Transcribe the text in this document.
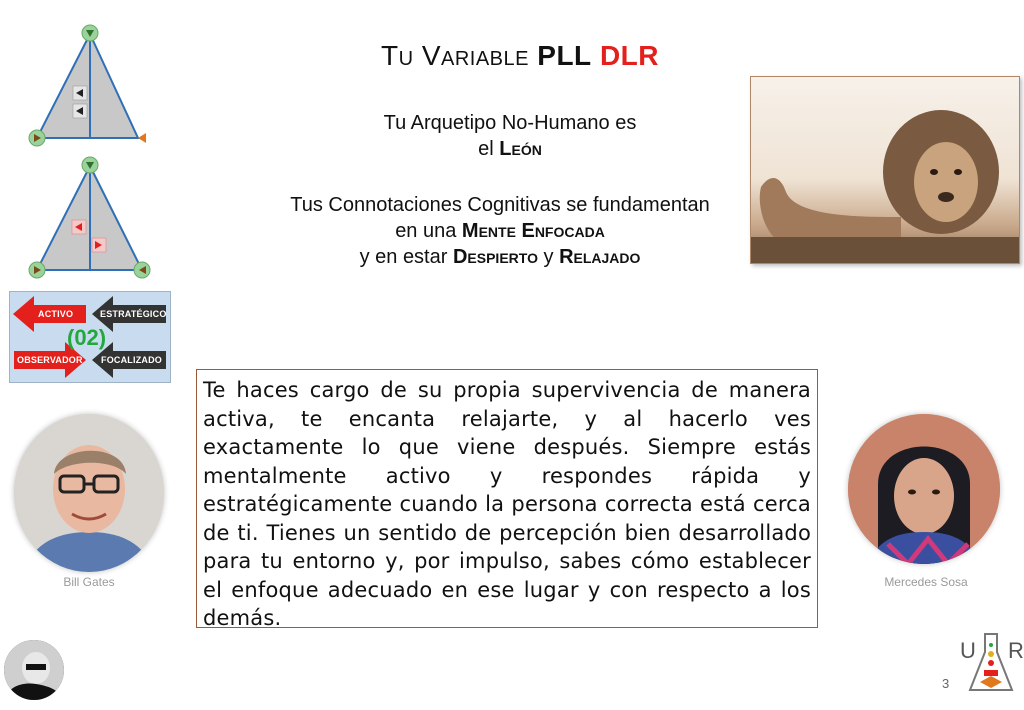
Tu Variable PLL DLR
Tu Arquetipo No-Humano es
el León
Tus Connotaciones Cognitivas se fundamentan
en una Mente Enfocada
y en estar Despierto y Relajado
ACTIVO	ESTRATÉGICO
OBSERVADOR FOCALIZADO
(02)
Te haces cargo de su propia supervivencia de manera activa, te encanta relajarte, y al hacerlo ves exactamente lo que viene después. Siempre estás mentalmente activo y respondes rápida y estratégicamente cuando la persona correcta está cerca de ti. Tienes un sentido de percepción bien desarrollado para tu entorno y, por impulso, sabes cómo establecer el enfoque adecuado en ese lugar y con respecto a los demás.
Bill Gates	Mercedes Sosa
3
U R
